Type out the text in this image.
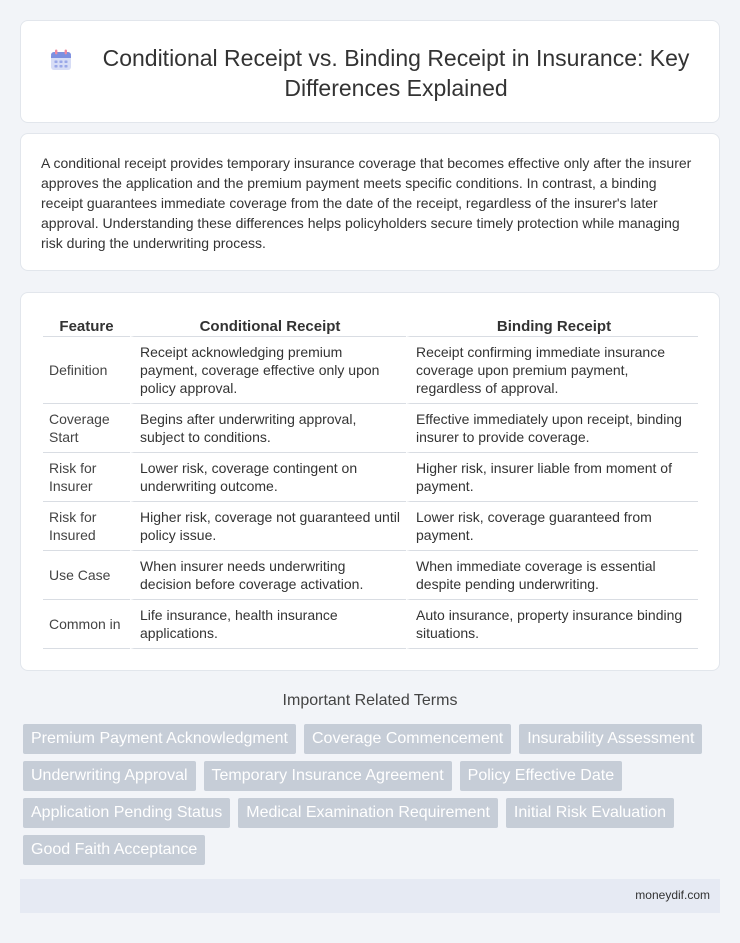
Conditional Receipt vs. Binding Receipt in Insurance: Key Differences Explained

A conditional receipt provides temporary insurance coverage that becomes effective only after the insurer approves the application and the premium payment meets specific conditions. In contrast, a binding receipt guarantees immediate coverage from the date of the receipt, regardless of the insurer's later approval. Understanding these differences helps policyholders secure timely protection while managing risk during the underwriting process.

Feature	Conditional Receipt	Binding Receipt
Definition	Receipt acknowledging premium payment, coverage effective only upon policy approval.	Receipt confirming immediate insurance coverage upon premium payment, regardless of approval.
Coverage Start	Begins after underwriting approval, subject to conditions.	Effective immediately upon receipt, binding insurer to provide coverage.
Risk for Insurer	Lower risk, coverage contingent on underwriting outcome.	Higher risk, insurer liable from moment of payment.
Risk for Insured	Higher risk, coverage not guaranteed until policy issue.	Lower risk, coverage guaranteed from payment.
Use Case	When insurer needs underwriting decision before coverage activation.	When immediate coverage is essential despite pending underwriting.
Common in	Life insurance, health insurance applications.	Auto insurance, property insurance binding situations.
Important Related Terms
Premium Payment Acknowledgment	Coverage Commencement	Insurability Assessment
Underwriting Approval	Temporary Insurance Agreement	Policy Effective Date
Application Pending Status	Medical Examination Requirement	Initial Risk Evaluation
Good Faith Acceptance
moneydif.com
